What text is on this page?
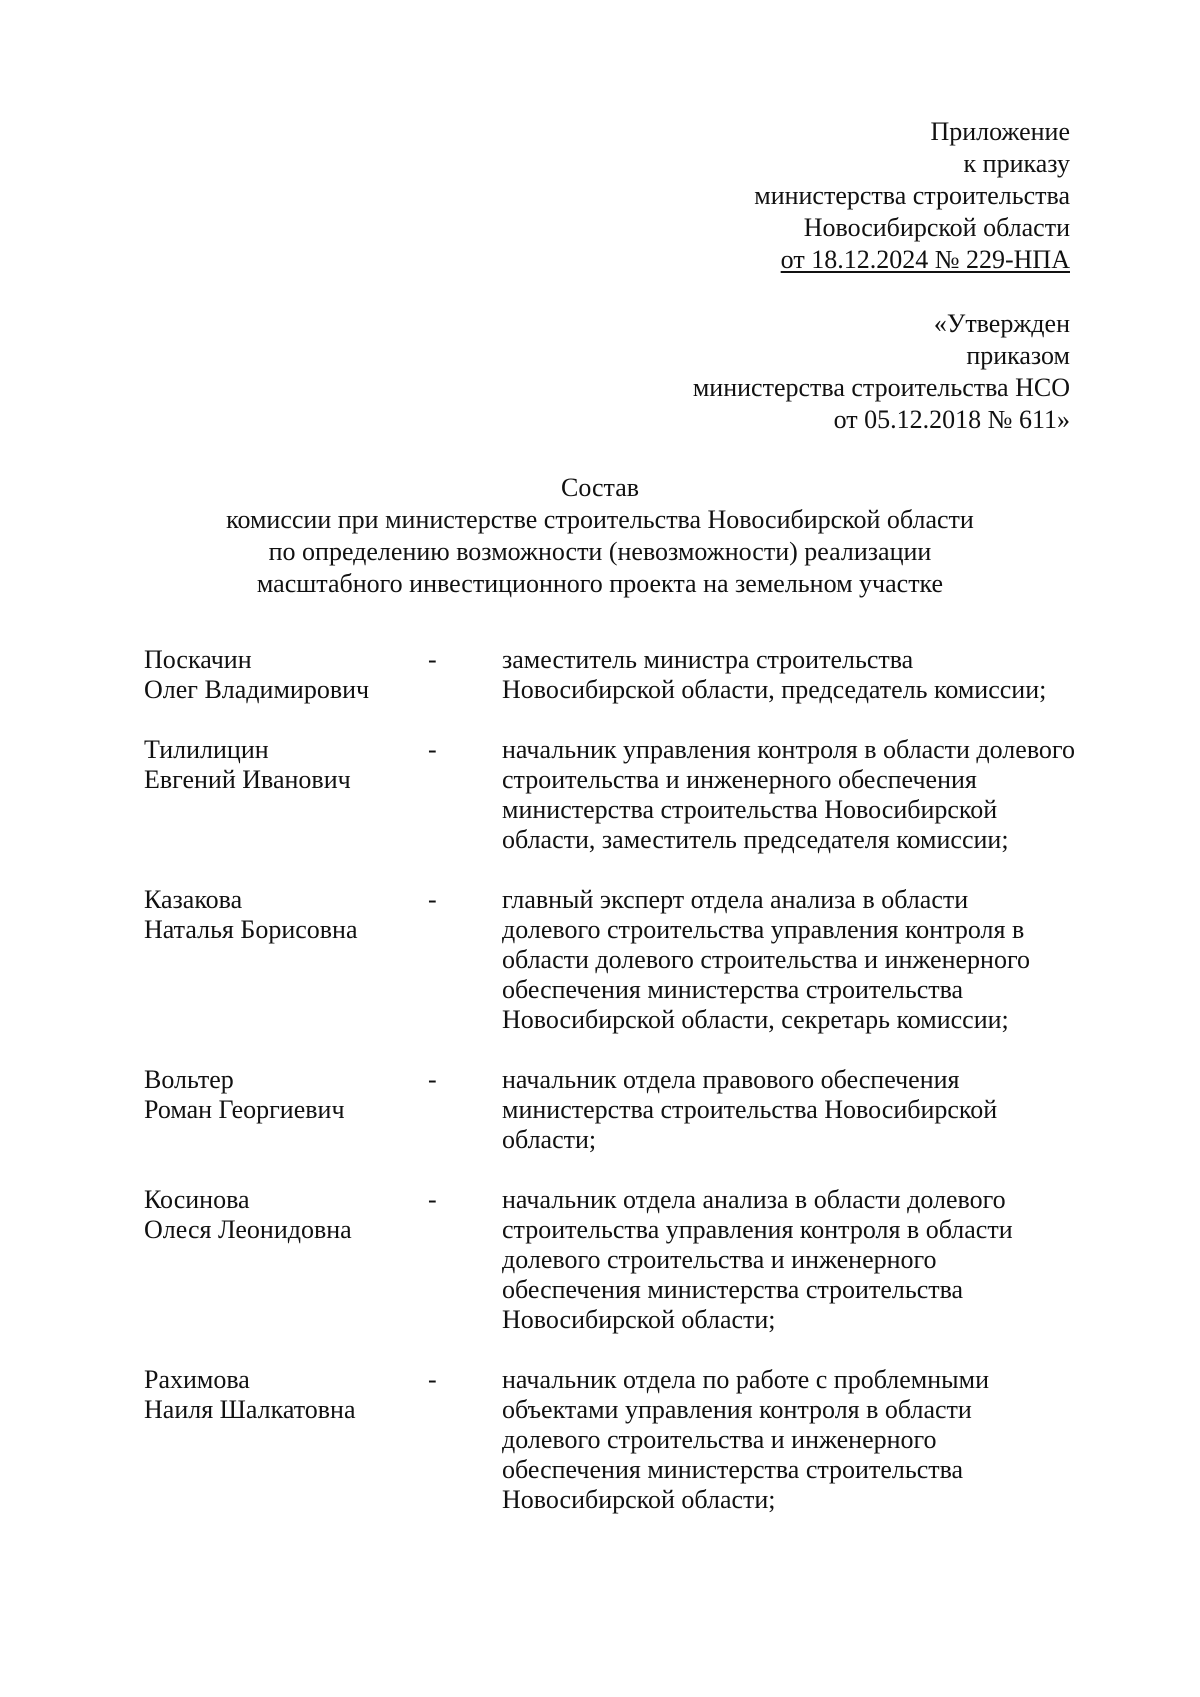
Приложение
к приказу
министерства строительства
Новосибирской области
от 18.12.2024 № 229-НПА
«Утвержден
приказом
министерства строительства НСО
от 05.12.2018 № 611»
Состав
комиссии при министерстве строительства Новосибирской области
по определению возможности (невозможности) реализации
масштабного инвестиционного проекта на земельном участке
Поскачин
Олег Владимирович
-	заместитель министра строительства
Новосибирской области, председатель комиссии;
Тилилицин
Евгений Иванович
-	начальник управления контроля в области долевого
строительства и инженерного обеспечения
министерства строительства Новосибирской
области, заместитель председателя комиссии;
Казакова
Наталья Борисовна
-	главный эксперт отдела анализа в области
долевого строительства управления контроля в
области долевого строительства и инженерного
обеспечения министерства строительства
Новосибирской области, секретарь комиссии;
Вольтер
Роман Георгиевич
-	начальник отдела правового обеспечения
министерства строительства Новосибирской
области;
Косинова
Олеся Леонидовна
-	начальник отдела анализа в области долевого
строительства управления контроля в области
долевого строительства и инженерного
обеспечения министерства строительства
Новосибирской области;
Рахимова
Наиля Шалкатовна
-	начальник отдела по работе с проблемными
объектами управления контроля в области
долевого строительства и инженерного
обеспечения министерства строительства
Новосибирской области;
